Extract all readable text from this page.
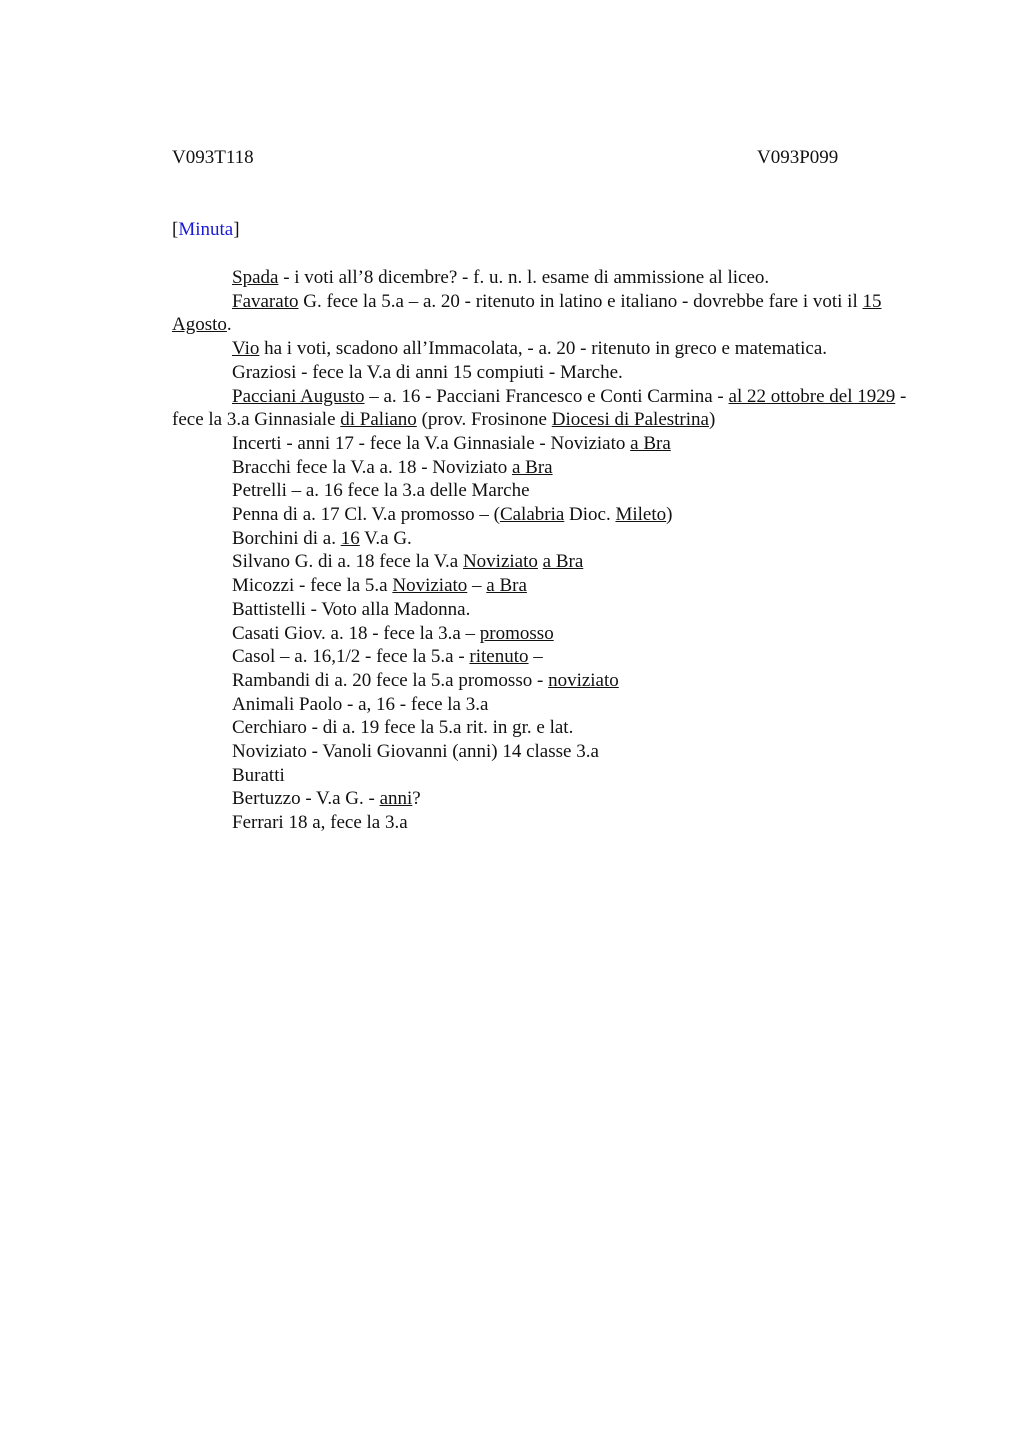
V093T118	V093P099
[Minuta]

Spada - i voti all’8 dicembre? - f. u. n. l. esame di ammissione al liceo.

Favarato G. fece la 5.a – a. 20 - ritenuto in latino e italiano - dovrebbe fare i voti il 15 Agosto.

Vio ha i voti, scadono all’Immacolata, - a. 20 - ritenuto in greco e matematica.

Graziosi - fece la V.a di anni 15 compiuti - Marche.

Pacciani Augusto – a. 16 - Pacciani Francesco e Conti Carmina - al 22 ottobre del 1929 - fece la 3.a Ginnasiale di Paliano (prov. Frosinone Diocesi di Palestrina)

Incerti - anni 17 - fece la V.a Ginnasiale - Noviziato a Bra

Bracchi fece la V.a a. 18 - Noviziato a Bra

Petrelli – a. 16 fece la 3.a delle Marche

Penna di a. 17 Cl. V.a promosso – (Calabria Dioc. Mileto)

Borchini di a. 16 V.a G.

Silvano G. di a. 18 fece la V.a Noviziato a Bra

Micozzi - fece la 5.a Noviziato – a Bra

Battistelli - Voto alla Madonna.

Casati Giov. a. 18 - fece la 3.a – promosso

Casol – a. 16,1/2 - fece la 5.a - ritenuto –

Rambandi di a. 20 fece la 5.a promosso - noviziato

Animali Paolo - a, 16 - fece la 3.a

Cerchiaro - di a. 19 fece la 5.a rit. in gr. e lat.

Noviziato - Vanoli Giovanni (anni) 14 classe 3.a

Buratti

Bertuzzo - V.a G. - anni?

Ferrari 18 a, fece la 3.a
